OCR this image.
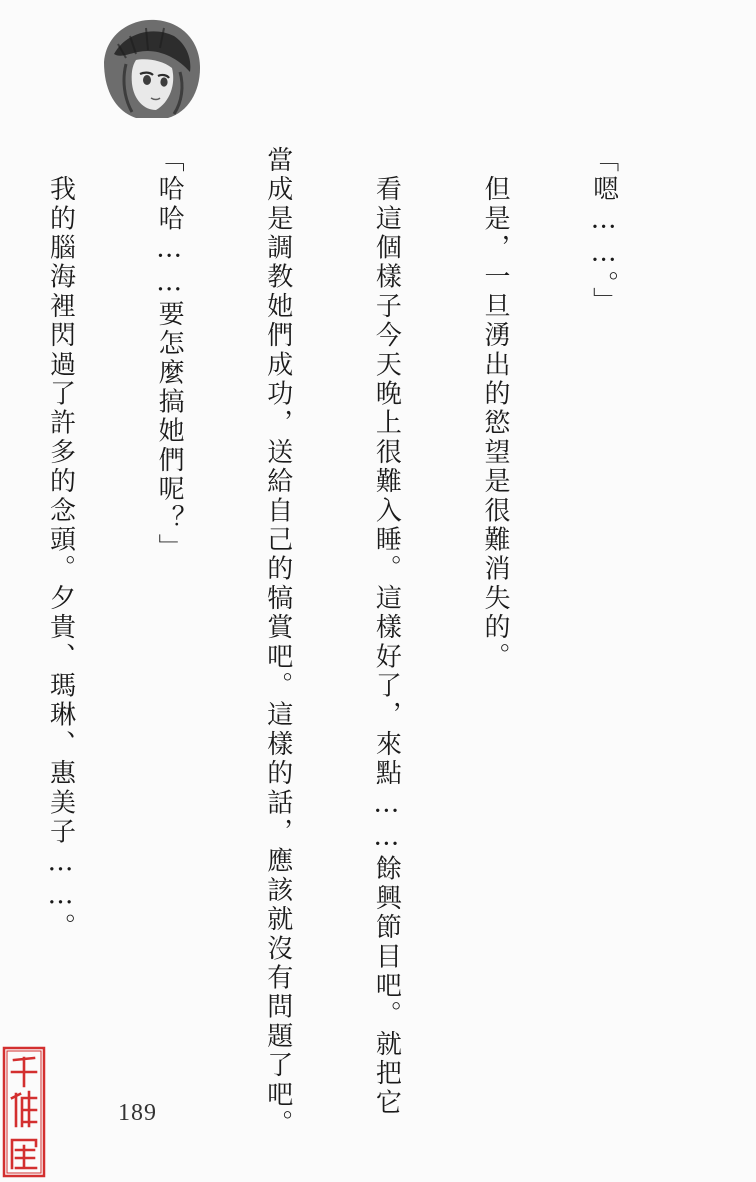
「嗯……。」

　但是，一旦湧出的慾望是很難消失的。

　看這個樣子今天晚上很難入睡。這樣好了，來點……餘興節目吧。就把它

當成是調教她們成功，送給自己的犒賞吧。這樣的話，應該就沒有問題了吧。

「哈哈……要怎麼搞她們呢？」

　我的腦海裡閃過了許多的念頭。夕貴、瑪琳、惠美子……。

189
